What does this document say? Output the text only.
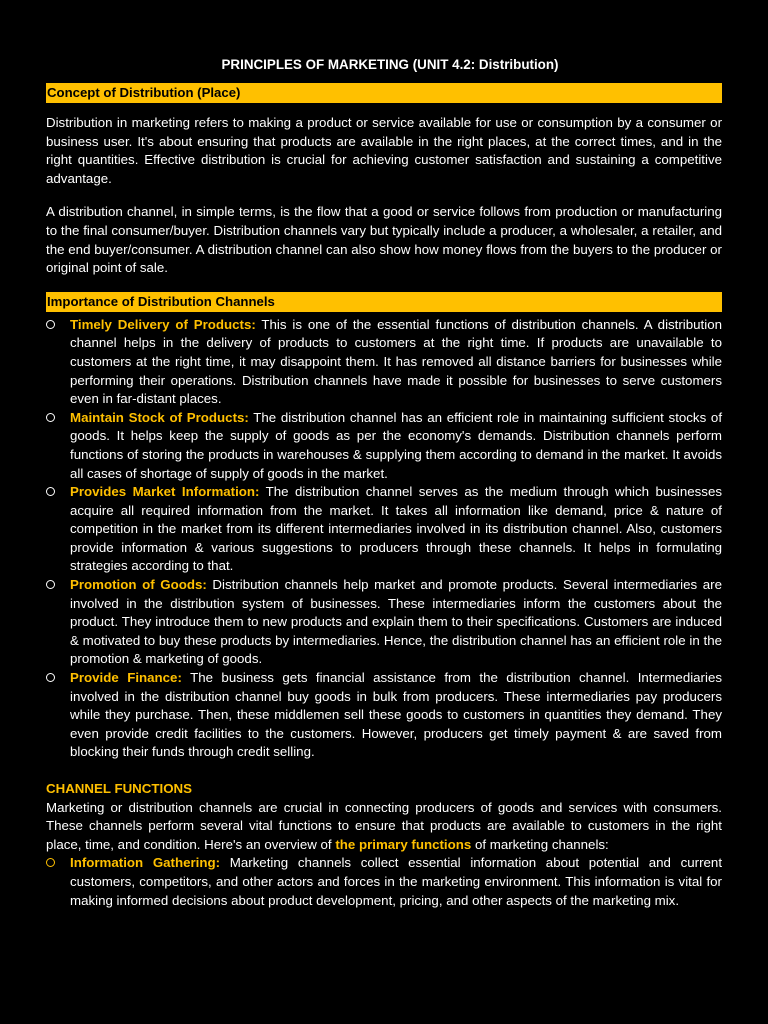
PRINCIPLES OF MARKETING (UNIT 4.2: Distribution)
Concept of Distribution (Place)

Distribution in marketing refers to making a product or service available for use or consumption by a consumer or business user. It's about ensuring that products are available in the right places, at the correct times, and in the right quantities. Effective distribution is crucial for achieving customer satisfaction and sustaining a competitive advantage.

A distribution channel, in simple terms, is the flow that a good or service follows from production or manufacturing to the final consumer/buyer. Distribution channels vary but typically include a producer, a wholesaler, a retailer, and the end buyer/consumer. A distribution channel can also show how money flows from the buyers to the producer or original point of sale.

Importance of Distribution Channels
Timely Delivery of Products: This is one of the essential functions of distribution channels. A distribution channel helps in the delivery of products to customers at the right time. If products are unavailable to customers at the right time, it may disappoint them. It has removed all distance barriers for businesses while performing their operations. Distribution channels have made it possible for businesses to serve customers even in far-distant places.
Maintain Stock of Products: The distribution channel has an efficient role in maintaining sufficient stocks of goods. It helps keep the supply of goods as per the economy's demands. Distribution channels perform functions of storing the products in warehouses & supplying them according to demand in the market. It avoids all cases of shortage of supply of goods in the market.
Provides Market Information: The distribution channel serves as the medium through which businesses acquire all required information from the market. It takes all information like demand, price & nature of competition in the market from its different intermediaries involved in its distribution channel. Also, customers provide information & various suggestions to producers through these channels. It helps in formulating strategies according to that.
Promotion of Goods: Distribution channels help market and promote products. Several intermediaries are involved in the distribution system of businesses. These intermediaries inform the customers about the product. They introduce them to new products and explain them to their specifications. Customers are induced & motivated to buy these products by intermediaries. Hence, the distribution channel has an efficient role in the promotion & marketing of goods.
Provide Finance: The business gets financial assistance from the distribution channel. Intermediaries involved in the distribution channel buy goods in bulk from producers. These intermediaries pay producers while they purchase. Then, these middlemen sell these goods to customers in quantities they demand. They even provide credit facilities to the customers. However, producers get timely payment & are saved from blocking their funds through credit selling.
CHANNEL FUNCTIONS

Marketing or distribution channels are crucial in connecting producers of goods and services with consumers. These channels perform several vital functions to ensure that products are available to customers in the right place, time, and condition. Here's an overview of the primary functions of marketing channels:

Information Gathering: Marketing channels collect essential information about potential and current customers, competitors, and other actors and forces in the marketing environment. This information is vital for making informed decisions about product development, pricing, and other aspects of the marketing mix.
